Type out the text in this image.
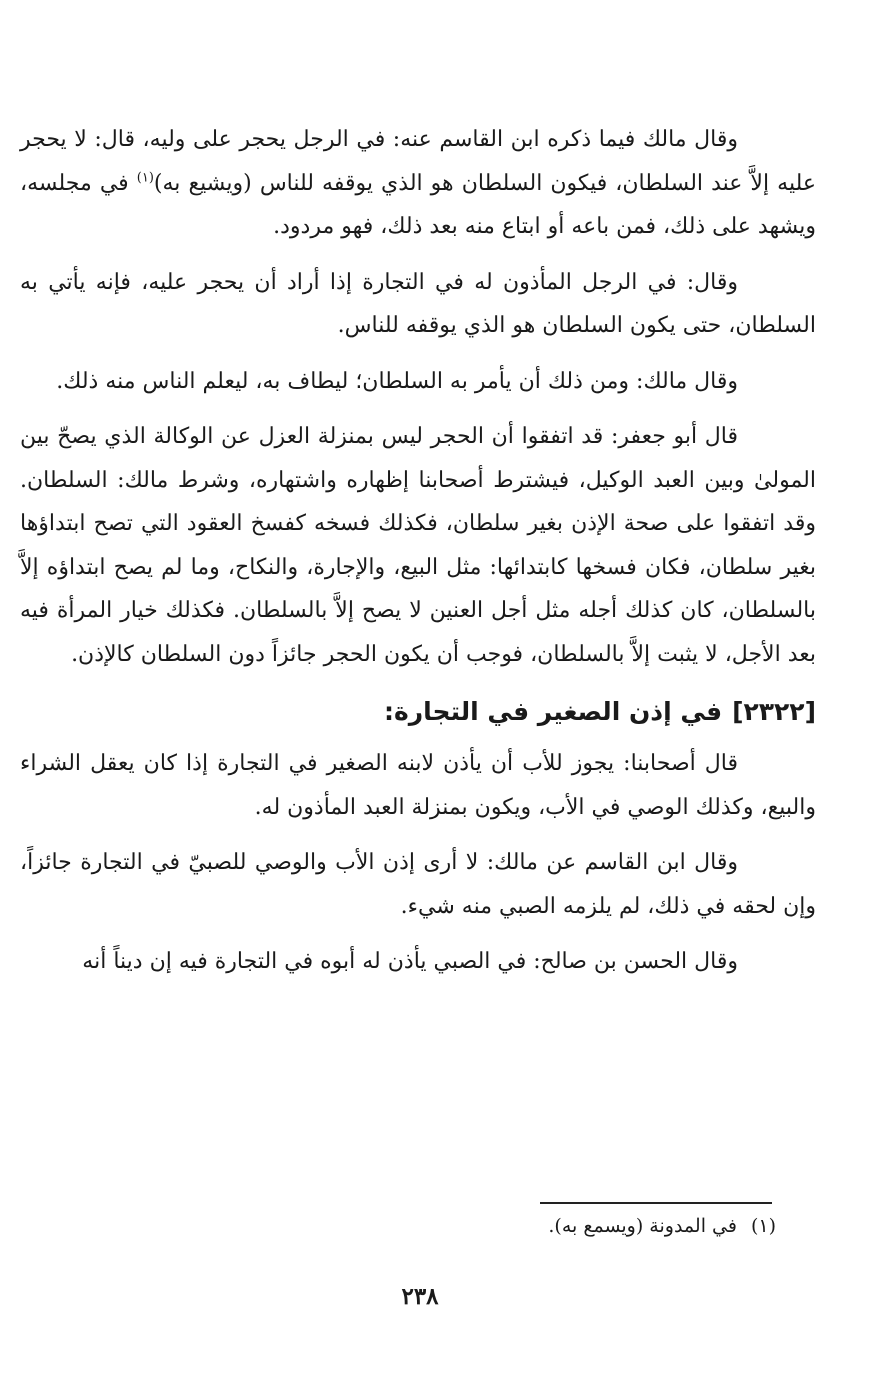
وقال مالك فيما ذكره ابن القاسم عنه: في الرجل يحجر على وليه، قال: لا يحجر عليه إلاَّ عند السلطان، فيكون السلطان هو الذي يوقفه للناس (ويشيع به)$^{(١)}$ في مجلسه، ويشهد على ذلك، فمن باعه أو ابتاع منه بعد ذلك، فهو مردود.

وقال: في الرجل المأذون له في التجارة إذا أراد أن يحجر عليه، فإنه يأتي به السلطان، حتى يكون السلطان هو الذي يوقفه للناس.

وقال مالك: ومن ذلك أن يأمر به السلطان؛ ليطاف به، ليعلم الناس منه ذلك.

قال أبو جعفر: قد اتفقوا أن الحجر ليس بمنزلة العزل عن الوكالة الذي يصحّ بين المولىٰ وبين العبد الوكيل، فيشترط أصحابنا إظهاره واشتهاره، وشرط مالك: السلطان. وقد اتفقوا على صحة الإذن بغير سلطان، فكذلك فسخه كفسخ العقود التي تصح ابتداؤها بغير سلطان، فكان فسخها كابتدائها: مثل البيع، والإجارة، والنكاح، وما لم يصح ابتداؤه إلاَّ بالسلطان، كان كذلك أجله مثل أجل العنين لا يصح إلاَّ بالسلطان. فكذلك خيار المرأة فيه بعد الأجل، لا يثبت إلاَّ بالسلطان، فوجب أن يكون الحجر جائزاً دون السلطان كالإذن.

[٢٣٢٢]في إذن الصغير في التجارة:

قال أصحابنا: يجوز للأب أن يأذن لابنه الصغير في التجارة إذا كان يعقل الشراء والبيع، وكذلك الوصي في الأب، ويكون بمنزلة العبد المأذون له.

وقال ابن القاسم عن مالك: لا أرى إذن الأب والوصي للصبيّ في التجارة جائزاً، وإن لحقه في ذلك، لم يلزمه الصبي منه شيء.

وقال الحسن بن صالح: في الصبي يأذن له أبوه في التجارة فيه إن ديناً أنه

(١)في المدونة (ويسمع به).
٢٣٨
